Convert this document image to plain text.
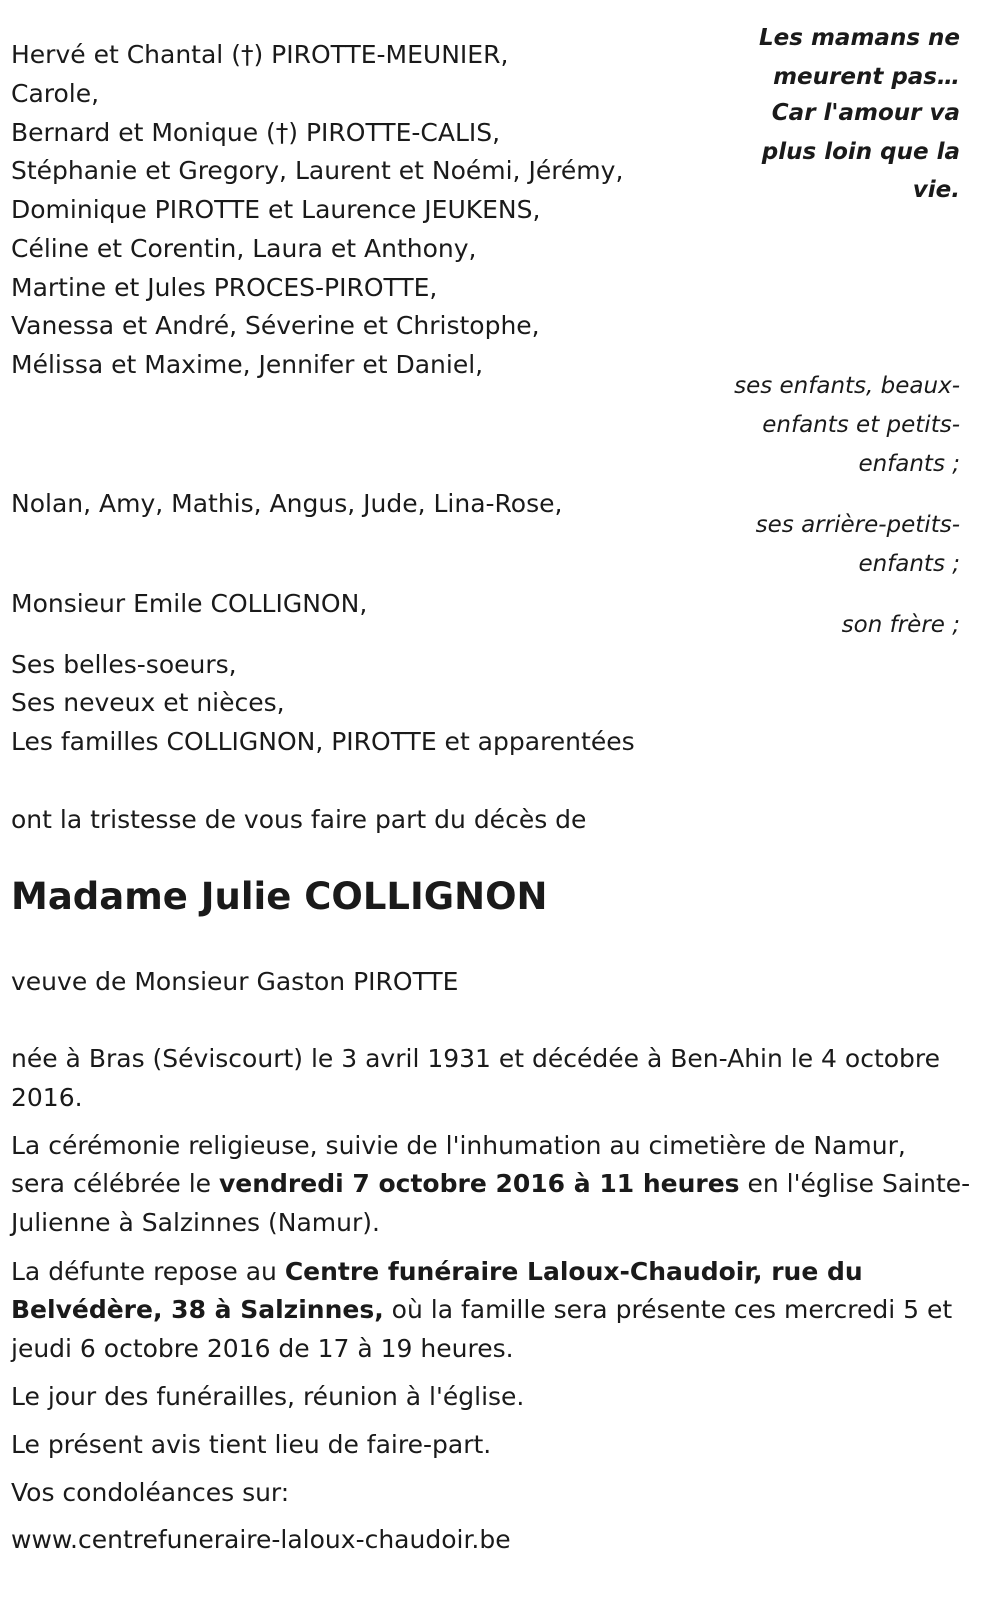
Hervé et Chantal (†) PIROTTE-MEUNIER,
Carole,
Bernard et Monique (†) PIROTTE-CALIS,
Stéphanie et Gregory, Laurent et Noémi, Jérémy,
Dominique PIROTTE et Laurence JEUKENS,
Céline et Corentin, Laura et Anthony,
Martine et Jules PROCES-PIROTTE,
Vanessa et André, Séverine et Christophe,
Mélissa et Maxime, Jennifer et Daniel,
Les mamans ne
meurent pas…
Car l'amour va
plus loin que la
vie.
ses enfants, beaux-
enfants et petits-
enfants ;
Nolan, Amy, Mathis, Angus, Jude, Lina-Rose,
ses arrière-petits-
enfants ;
Monsieur Emile COLLIGNON,
son frère ;
Ses belles-soeurs,
Ses neveux et nièces,
Les familles COLLIGNON, PIROTTE et apparentées
ont la tristesse de vous faire part du décès de
Madame Julie COLLIGNON
veuve de Monsieur Gaston PIROTTE
née à Bras (Séviscourt) le 3 avril 1931 et décédée à Ben-Ahin le 4 octobre
2016.
La cérémonie religieuse, suivie de l'inhumation au cimetière de Namur,
sera célébrée le vendredi 7 octobre 2016 à 11 heures en l'église Sainte-
Julienne à Salzinnes (Namur).
La défunte repose au Centre funéraire Laloux-Chaudoir, rue du
Belvédère, 38 à Salzinnes, où la famille sera présente ces mercredi 5 et
jeudi 6 octobre 2016 de 17 à 19 heures.
Le jour des funérailles, réunion à l'église.
Le présent avis tient lieu de faire-part.
Vos condoléances sur:
www.centrefuneraire-laloux-chaudoir.be
